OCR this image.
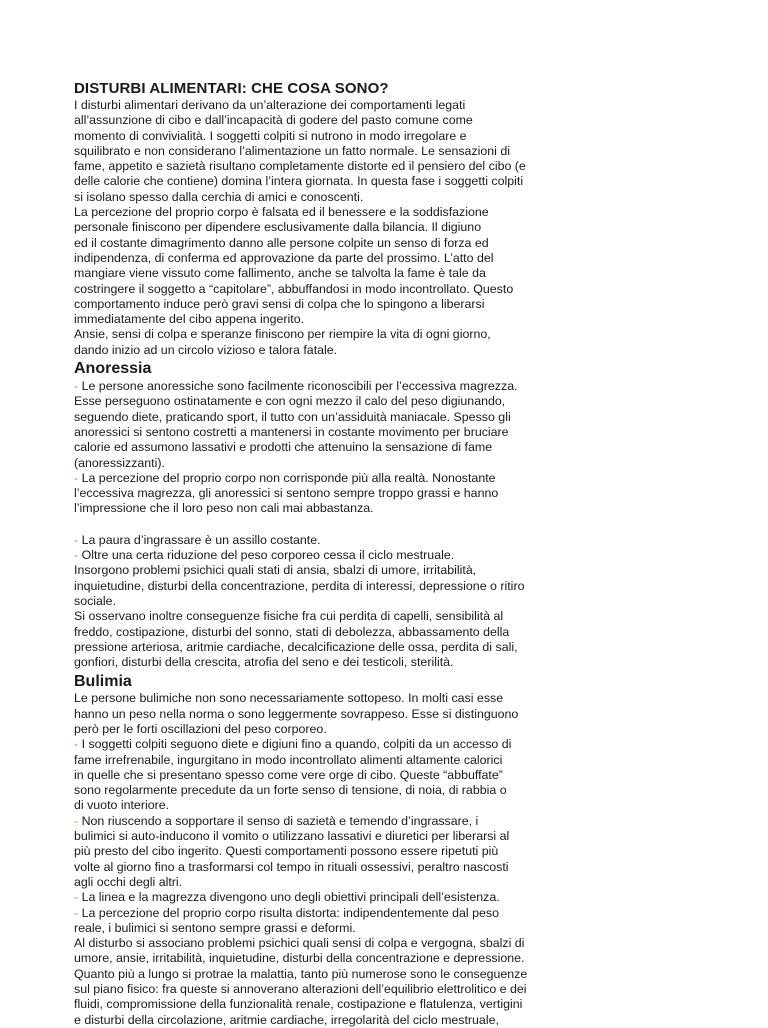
DISTURBI ALIMENTARI: CHE COSA SONO?
I disturbi alimentari derivano da un’alterazione dei comportamenti legati
all’assunzione di cibo e dall’incapacità di godere del pasto comune come
momento di convivialità. I soggetti colpiti si nutrono in modo irregolare e
squilibrato e non considerano l’alimentazione un fatto normale. Le sensazioni di
fame, appetito e sazietà risultano completamente distorte ed il pensiero del cibo (e
delle calorie che contiene) domina l’intera giornata. In questa fase i soggetti colpiti
si isolano spesso dalla cerchia di amici e conoscenti.
La percezione del proprio corpo è falsata ed il benessere e la soddisfazione
personale finiscono per dipendere esclusivamente dalla bilancia. Il digiuno
ed il costante dimagrimento danno alle persone colpite un senso di forza ed
indipendenza, di conferma ed approvazione da parte del prossimo. L’atto del
mangiare viene vissuto come fallimento, anche se talvolta la fame è tale da
costringere il soggetto a “capitolare”, abbuffandosi in modo incontrollato. Questo
comportamento induce però gravi sensi di colpa che lo spingono a liberarsi
immediatamente del cibo appena ingerito.
Ansie, sensi di colpa e speranze finiscono per riempire la vita di ogni giorno,
dando inizio ad un circolo vizioso e talora fatale.
Anoressia
- Le persone anoressiche sono facilmente riconoscibili per l’eccessiva magrezza.
Esse perseguono ostinatamente e con ogni mezzo il calo del peso digiunando,
seguendo diete, praticando sport, il tutto con un’assiduità maniacale. Spesso gli
anoressici si sentono costretti a mantenersi in costante movimento per bruciare
calorie ed assumono lassativi e prodotti che attenuino la sensazione di fame
(anoressizzanti).
- La percezione del proprio corpo non corrisponde più alla realtà. Nonostante
l’eccessiva magrezza, gli anoressici si sentono sempre troppo grassi e hanno
l’impressione che il loro peso non cali mai abbastanza.
- La paura d’ingrassare è un assillo costante.
- Oltre una certa riduzione del peso corporeo cessa il ciclo mestruale.
Insorgono problemi psichici quali stati di ansia, sbalzi di umore, irritabilità,
inquietudine, disturbi della concentrazione, perdita di interessi, depressione o ritiro
sociale.
Si osservano inoltre conseguenze fisiche fra cui perdita di capelli, sensibilità al
freddo, costipazione, disturbi del sonno, stati di debolezza, abbassamento della
pressione arteriosa, aritmie cardiache, decalcificazione delle ossa, perdita di sali,
gonfiori, disturbi della crescita, atrofia del seno e dei testicoli, sterilità.
Bulimia
Le persone bulimiche non sono necessariamente sottopeso. In molti casi esse
hanno un peso nella norma o sono leggermente sovrappeso. Esse si distinguono
però per le forti oscillazioni del peso corporeo.
- I soggetti colpiti seguono diete e digiuni fino a quando, colpiti da un accesso di
fame irrefrenabile, ingurgitano in modo incontrollato alimenti altamente calorici
in quelle che si presentano spesso come vere orge di cibo. Queste “abbuffate”
sono regolarmente precedute da un forte senso di tensione, di noia, di rabbia o
di vuoto interiore.
- Non riuscendo a sopportare il senso di sazietà e temendo d’ingrassare, i
bulimici si auto-inducono il vomito o utilizzano lassativi e diuretici per liberarsi al
più presto del cibo ingerito. Questi comportamenti possono essere ripetuti più
volte al giorno fino a trasformarsi col tempo in rituali ossessivi, peraltro nascosti
agli occhi degli altri.
- La linea e la magrezza divengono uno degli obiettivi principali dell’esistenza.
- La percezione del proprio corpo risulta distorta: indipendentemente dal peso
reale, i bulimici si sentono sempre grassi e deformi.
Al disturbo si associano problemi psichici quali sensi di colpa e vergogna, sbalzi di
umore, ansie, irritabilità, inquietudine, disturbi della concentrazione e depressione.
Quanto più a lungo si protrae la malattia, tanto più numerose sono le conseguenze
sul piano fisico: fra queste si annoverano alterazioni dell’equilibrio elettrolitico e dei
fluidi, compromissione della funzionalità renale, costipazione e flatulenza, vertigini
e disturbi della circolazione, aritmie cardiache, irregolarità del ciclo mestruale,
